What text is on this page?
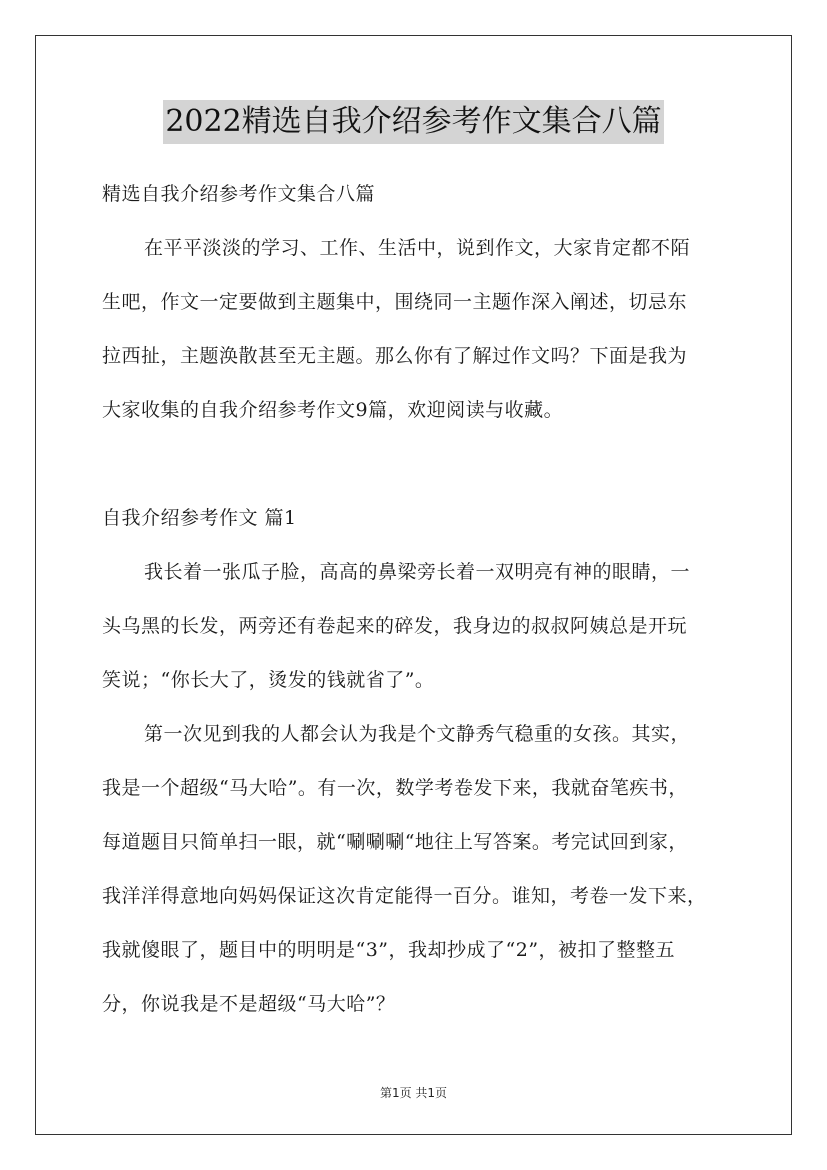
2022精选自我介绍参考作文集合八篇
精选自我介绍参考作文集合八篇
在平平淡淡的学习、工作、生活中，说到作文，大家肯定都不陌
生吧，作文一定要做到主题集中，围绕同一主题作深入阐述，切忌东
拉西扯，主题涣散甚至无主题。那么你有了解过作文吗？下面是我为
大家收集的自我介绍参考作文9篇，欢迎阅读与收藏。
自我介绍参考作文 篇1
我长着一张瓜子脸，高高的鼻梁旁长着一双明亮有神的眼睛，一
头乌黑的长发，两旁还有卷起来的碎发，我身边的叔叔阿姨总是开玩
笑说；“你长大了，烫发的钱就省了”。
第一次见到我的人都会认为我是个文静秀气稳重的女孩。其实，
我是一个超级“马大哈”。有一次，数学考卷发下来，我就奋笔疾书，
每道题目只简单扫一眼，就“唰唰唰“地往上写答案。考完试回到家，
我洋洋得意地向妈妈保证这次肯定能得一百分。谁知，考卷一发下来，
我就傻眼了，题目中的明明是“3”，我却抄成了“2”，被扣了整整五
分，你说我是不是超级“马大哈”？
第1页 共1页
